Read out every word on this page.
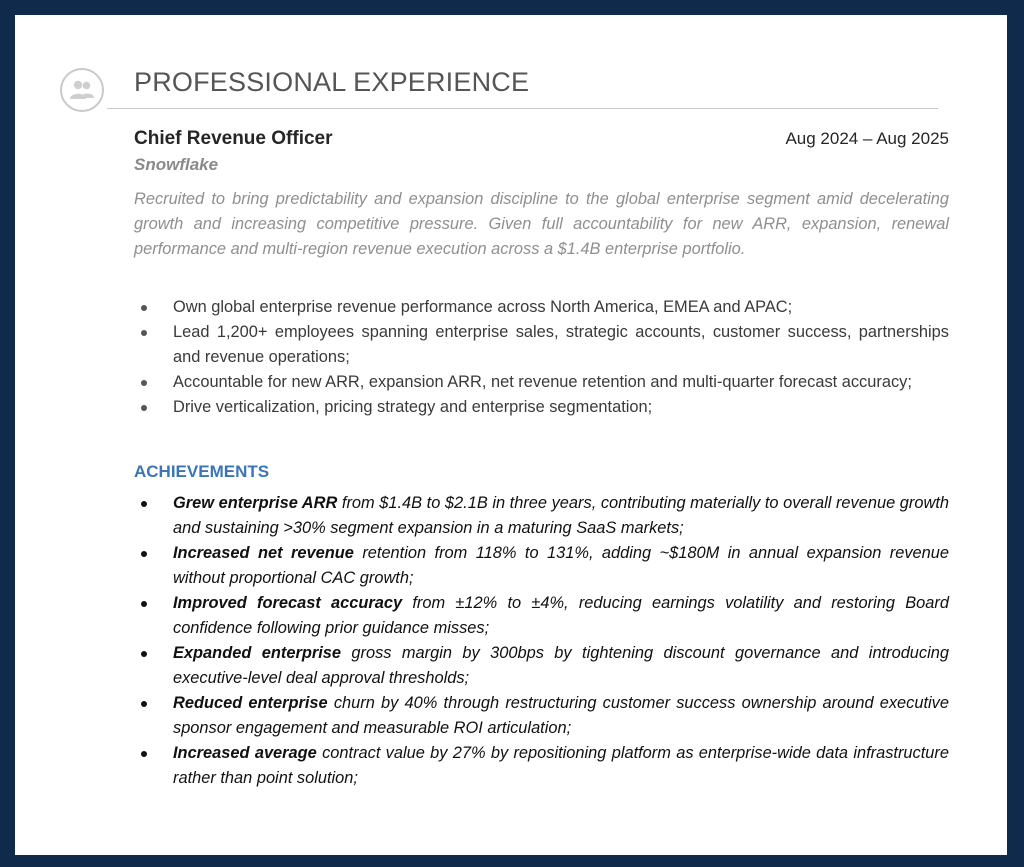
PROFESSIONAL EXPERIENCE
Chief Revenue Officer	Aug 2024 – Aug 2025
Snowflake
Recruited to bring predictability and expansion discipline to the global enterprise segment amid decelerating growth and increasing competitive pressure. Given full accountability for new ARR, expansion, renewal performance and multi-region revenue execution across a $1.4B enterprise portfolio.
Own global enterprise revenue performance across North America, EMEA and APAC;
Lead 1,200+ employees spanning enterprise sales, strategic accounts, customer success, partnerships and revenue operations;
Accountable for new ARR, expansion ARR, net revenue retention and multi-quarter forecast accuracy;
Drive verticalization, pricing strategy and enterprise segmentation;
ACHIEVEMENTS
Grew enterprise ARR from $1.4B to $2.1B in three years, contributing materially to overall revenue growth and sustaining >30% segment expansion in a maturing SaaS markets;
Increased net revenue retention from 118% to 131%, adding ~$180M in annual expansion revenue without proportional CAC growth;
Improved forecast accuracy from ±12% to ±4%, reducing earnings volatility and restoring Board confidence following prior guidance misses;
Expanded enterprise gross margin by 300bps by tightening discount governance and introducing executive-level deal approval thresholds;
Reduced enterprise churn by 40% through restructuring customer success ownership around executive sponsor engagement and measurable ROI articulation;
Increased average contract value by 27% by repositioning platform as enterprise-wide data infrastructure rather than point solution;
